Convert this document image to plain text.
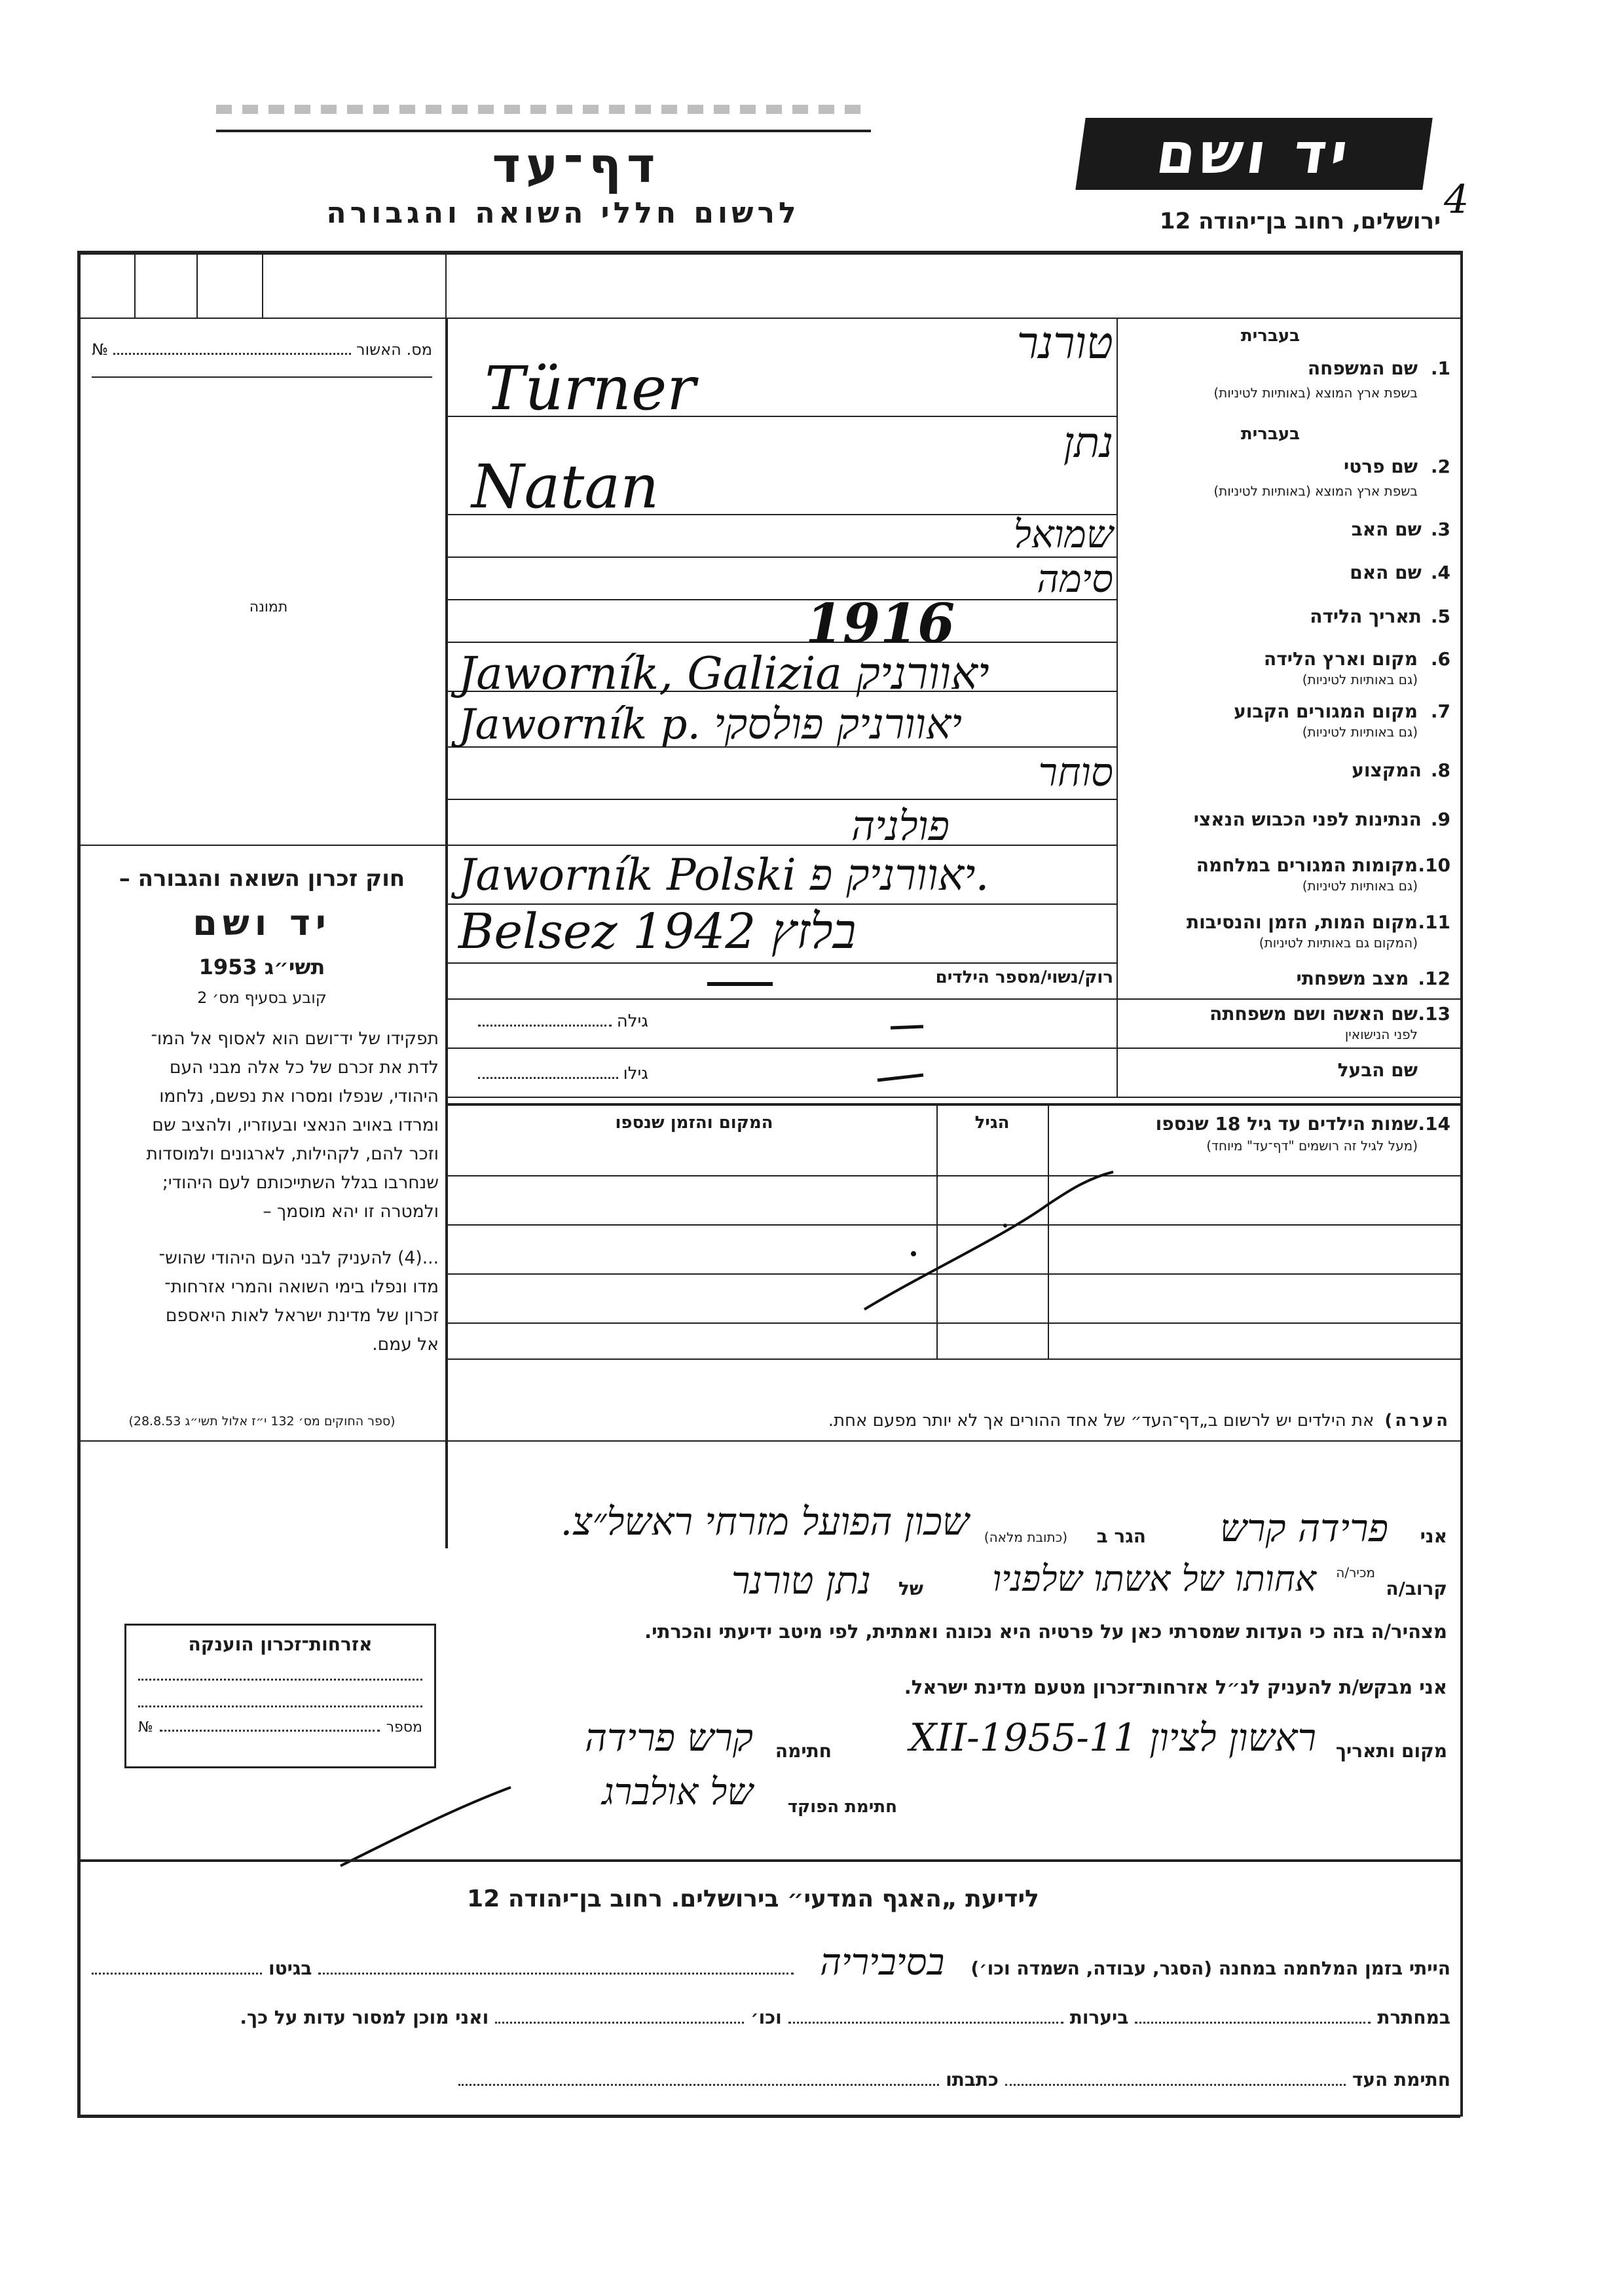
יד ושם
4
דף־עד
לרשום חללי השואה והגבורה	ירושלים, רחוב בן־יהודה 12
מס. האשור
№
תמונה
חוק זכרון השואה והגבורה –
יד ושם
תשי״ג 1953
קובע בסעיף מס׳ 2
תפקידו של יד־ושם הוא לאסוף אל המו־
לדת את זכרם של כל אלה מבני העם
היהודי, שנפלו ומסרו את נפשם, נלחמו
ומרדו באויב הנאצי ובעוזריו, ולהציב שם
וזכר להם, לקהילות, לארגונים ולמוסדות
שנחרבו בגלל השתייכותם לעם היהודי;
ולמטרה זו יהא מוסמך –
...(4) להעניק לבני העם היהודי שהוש־
מדו ונפלו בימי השואה והמרי אזרחות־
זכרון של מדינת ישראל לאות היאספם
אל עמם.
(ספר החוקים מס׳ 132 י״ז אלול תשי״ג 28.8.53)
בעברית
1.
שם המשפחה
בשפת ארץ המוצא (באותיות לטיניות)
טורנר
Türner
בעברית
2.
שם פרטי
בשפת ארץ המוצא (באותיות לטיניות)
נתן
Natan
3.
שם האב
שמואל
4.
שם האם
סימה
5.
תאריך הלידה
1916
6.
מקום וארץ הלידה
(גם באותיות לטיניות)
Jaworník, Galizia יאוורניק
7.
מקום המגורים הקבוע
(גם באותיות לטיניות)
Jaworník p. יאוורניק פולסקי
8.
המקצוע
סוחר
9.
הנתינות לפני הכבוש הנאצי
פולניה
10.
מקומות המגורים במלחמה
(גם באותיות לטיניות)
Jaworník Polski יאוורניק פ.
11.
מקום המות, הזמן והנסיבות
(המקום גם באותיות לטיניות)
Belsez 1942 בלזץ
12.
מצב משפחתי
רוק/נשוי/מספר הילדים
13.
שם האשה ושם משפחתה
לפני הנישואין
גילה
שם הבעל
גילו
14.
שמות הילדים עד גיל 18 שנספו
(מעל לגיל זה רושמים "דף־עד" מיוחד)
הגיל
המקום והזמן שנספו
הערה)
את הילדים יש לרשום ב„דף־העד״ של אחד ההורים אך לא יותר מפעם אחת.
אני
פרידה קרש
הגר ב
(כתובת מלאה)
שכון הפועל מזרחי ראשל״צ.
קרוב/ה
מכיר/ה
אחותו של אשתו שלפניו
של
נתן טורנר
מצהיר/ה בזה כי העדות שמסרתי כאן על פרטיה היא נכונה ואמתית, לפי מיטב ידיעתי והכרתי.
אני מבקש/ת להעניק לנ״ל אזרחות־זכרון מטעם מדינת ישראל.
מקום ותאריך
ראשון לציון 11-XII-1955
חתימה
קרש פרידה
חתימת הפוקד
של אולברג
אזרחות־זכרון הוענקה
מספר
№
לידיעת „האגף המדעי״ בירושלים. רחוב בן־יהודה 12
הייתי בזמן המלחמה במחנה (הסגר, עבודה, השמדה וכו׳)
בסיביריה
בגיטו
במחתרת
ביערות
וכו׳
ואני מוכן למסור עדות על כך.
חתימת העד
כתבתו
